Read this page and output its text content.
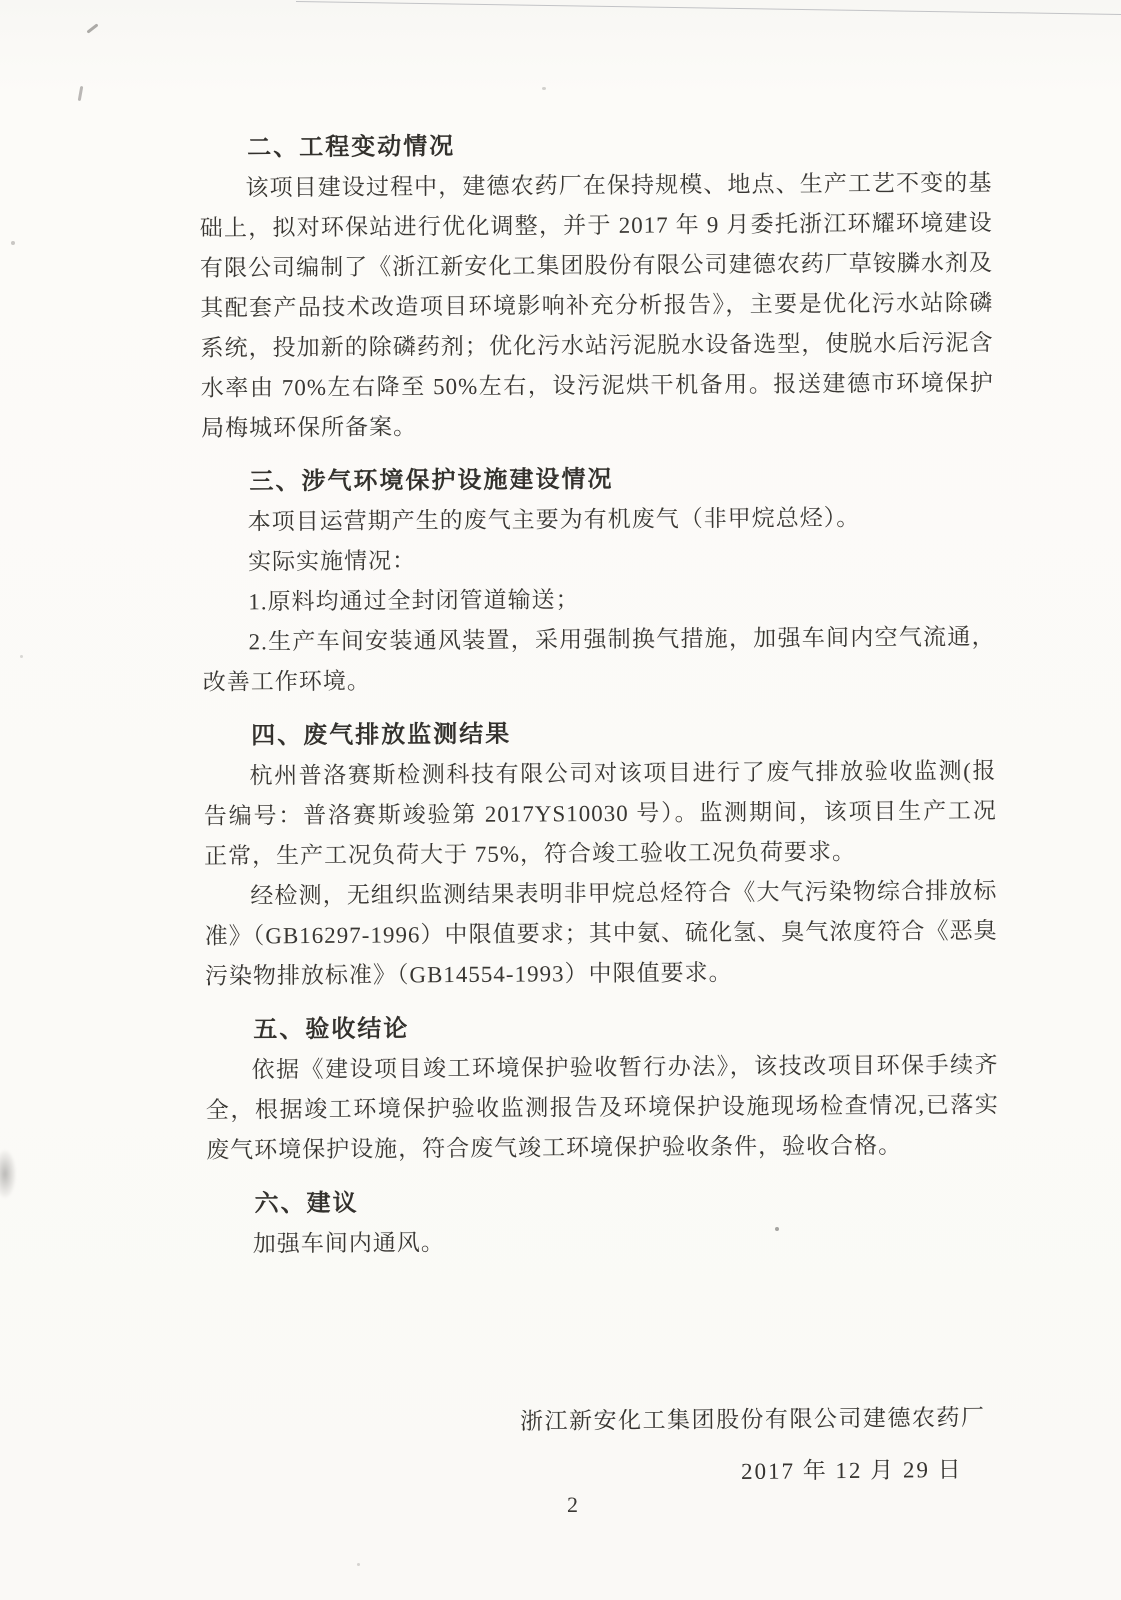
二、工程变动情况

该项目建设过程中，建德农药厂在保持规模、地点、生产工艺不变的基础上，拟对环保站进行优化调整，并于 2017 年 9 月委托浙江环耀环境建设有限公司编制了《浙江新安化工集团股份有限公司建德农药厂草铵膦水剂及其配套产品技术改造项目环境影响补充分析报告》，主要是优化污水站除磷系统，投加新的除磷药剂；优化污水站污泥脱水设备选型，使脱水后污泥含水率由 70%左右降至 50%左右，设污泥烘干机备用。报送建德市环境保护局梅城环保所备案。

三、涉气环境保护设施建设情况

本项目运营期产生的废气主要为有机废气（非甲烷总烃）。

实际实施情况：

1.原料均通过全封闭管道输送；

2.生产车间安装通风装置，采用强制换气措施，加强车间内空气流通，改善工作环境。

四、废气排放监测结果

杭州普洛赛斯检测科技有限公司对该项目进行了废气排放验收监测(报告编号：普洛赛斯竣验第 2017YS10030 号）。监测期间，该项目生产工况正常，生产工况负荷大于 75%，符合竣工验收工况负荷要求。

经检测，无组织监测结果表明非甲烷总烃符合《大气污染物综合排放标准》（GB16297-1996）中限值要求；其中氨、硫化氢、臭气浓度符合《恶臭污染物排放标准》（GB14554-1993）中限值要求。

五、验收结论

依据《建设项目竣工环境保护验收暂行办法》，该技改项目环保手续齐全，根据竣工环境保护验收监测报告及环境保护设施现场检查情况,已落实废气环境保护设施，符合废气竣工环境保护验收条件，验收合格。

六、建议

加强车间内通风。

浙江新安化工集团股份有限公司建德农药厂
2017 年 12 月 29 日
2
